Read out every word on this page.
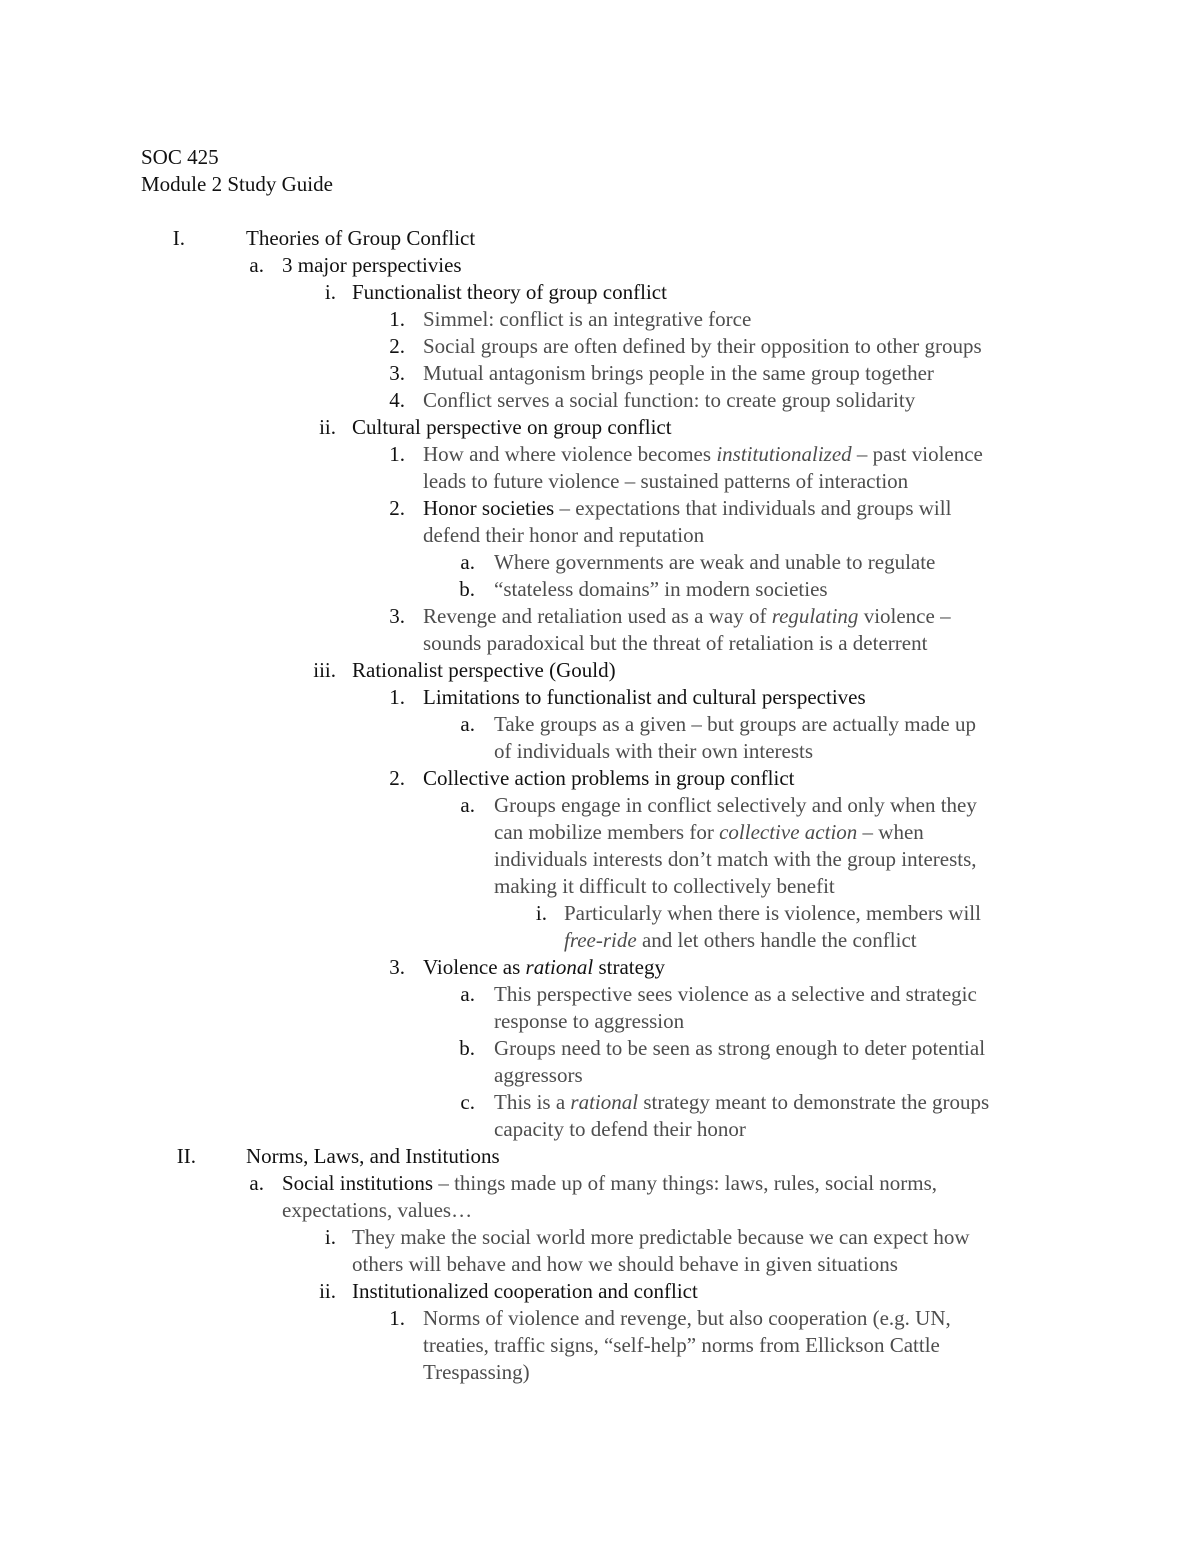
SOC 425
Module 2 Study Guide
I.	Theories of Group Conflict
a. 3 major perspectivies
i. Functionalist theory of group conflict
1. Simmel: conflict is an integrative force
2. Social groups are often defined by their opposition to other groups
3. Mutual antagonism brings people in the same group together
4. Conflict serves a social function: to create group solidarity
ii. Cultural perspective on group conflict
1. How and where violence becomes institutionalized – past violence
leads to future violence – sustained patterns of interaction
2. Honor societies – expectations that individuals and groups will
defend their honor and reputation
a. Where governments are weak and unable to regulate
b. “stateless domains” in modern societies
3. Revenge and retaliation used as a way of regulating violence –
sounds paradoxical but the threat of retaliation is a deterrent
iii. Rationalist perspective (Gould)
1. Limitations to functionalist and cultural perspectives
a. Take groups as a given – but groups are actually made up
of individuals with their own interests
2. Collective action problems in group conflict
a. Groups engage in conflict selectively and only when they
can mobilize members for collective action – when
individuals interests don’t match with the group interests,
making it difficult to collectively benefit
i. Particularly when there is violence, members will
free-ride and let others handle the conflict
3. Violence as rational strategy
a. This perspective sees violence as a selective and strategic
response to aggression
b. Groups need to be seen as strong enough to deter potential
aggressors
c. This is a rational strategy meant to demonstrate the groups
capacity to defend their honor
II. Norms, Laws, and Institutions
a. Social institutions – things made up of many things: laws, rules, social norms,
expectations, values…
i. They make the social world more predictable because we can expect how
others will behave and how we should behave in given situations
ii. Institutionalized cooperation and conflict
1. Norms of violence and revenge, but also cooperation (e.g. UN,
treaties, traffic signs, “self-help” norms from Ellickson Cattle
Trespassing)
